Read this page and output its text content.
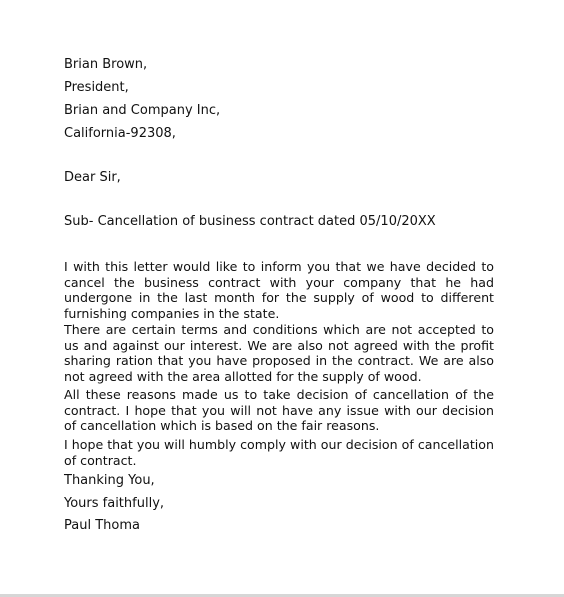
Brian Brown,
President,
Brian and Company Inc,
California-92308,
Dear Sir,
Sub- Cancellation of business contract dated 05/10/20XX

I with this letter would like to inform you that we have decided to cancel the business contract with your company that he had undergone in the last month for the supply of wood to different furnishing companies in the state.

There are certain terms and conditions which are not accepted to us and against our interest. We are also not agreed with the profit sharing ration that you have proposed in the contract. We are also not agreed with the area allotted for the supply of wood.

All these reasons made us to take decision of cancellation of the contract. I hope that you will not have any issue with our decision of cancellation which is based on the fair reasons.

I hope that you will humbly comply with our decision of cancellation of contract.

Thanking You,
Yours faithfully,
Paul Thoma
